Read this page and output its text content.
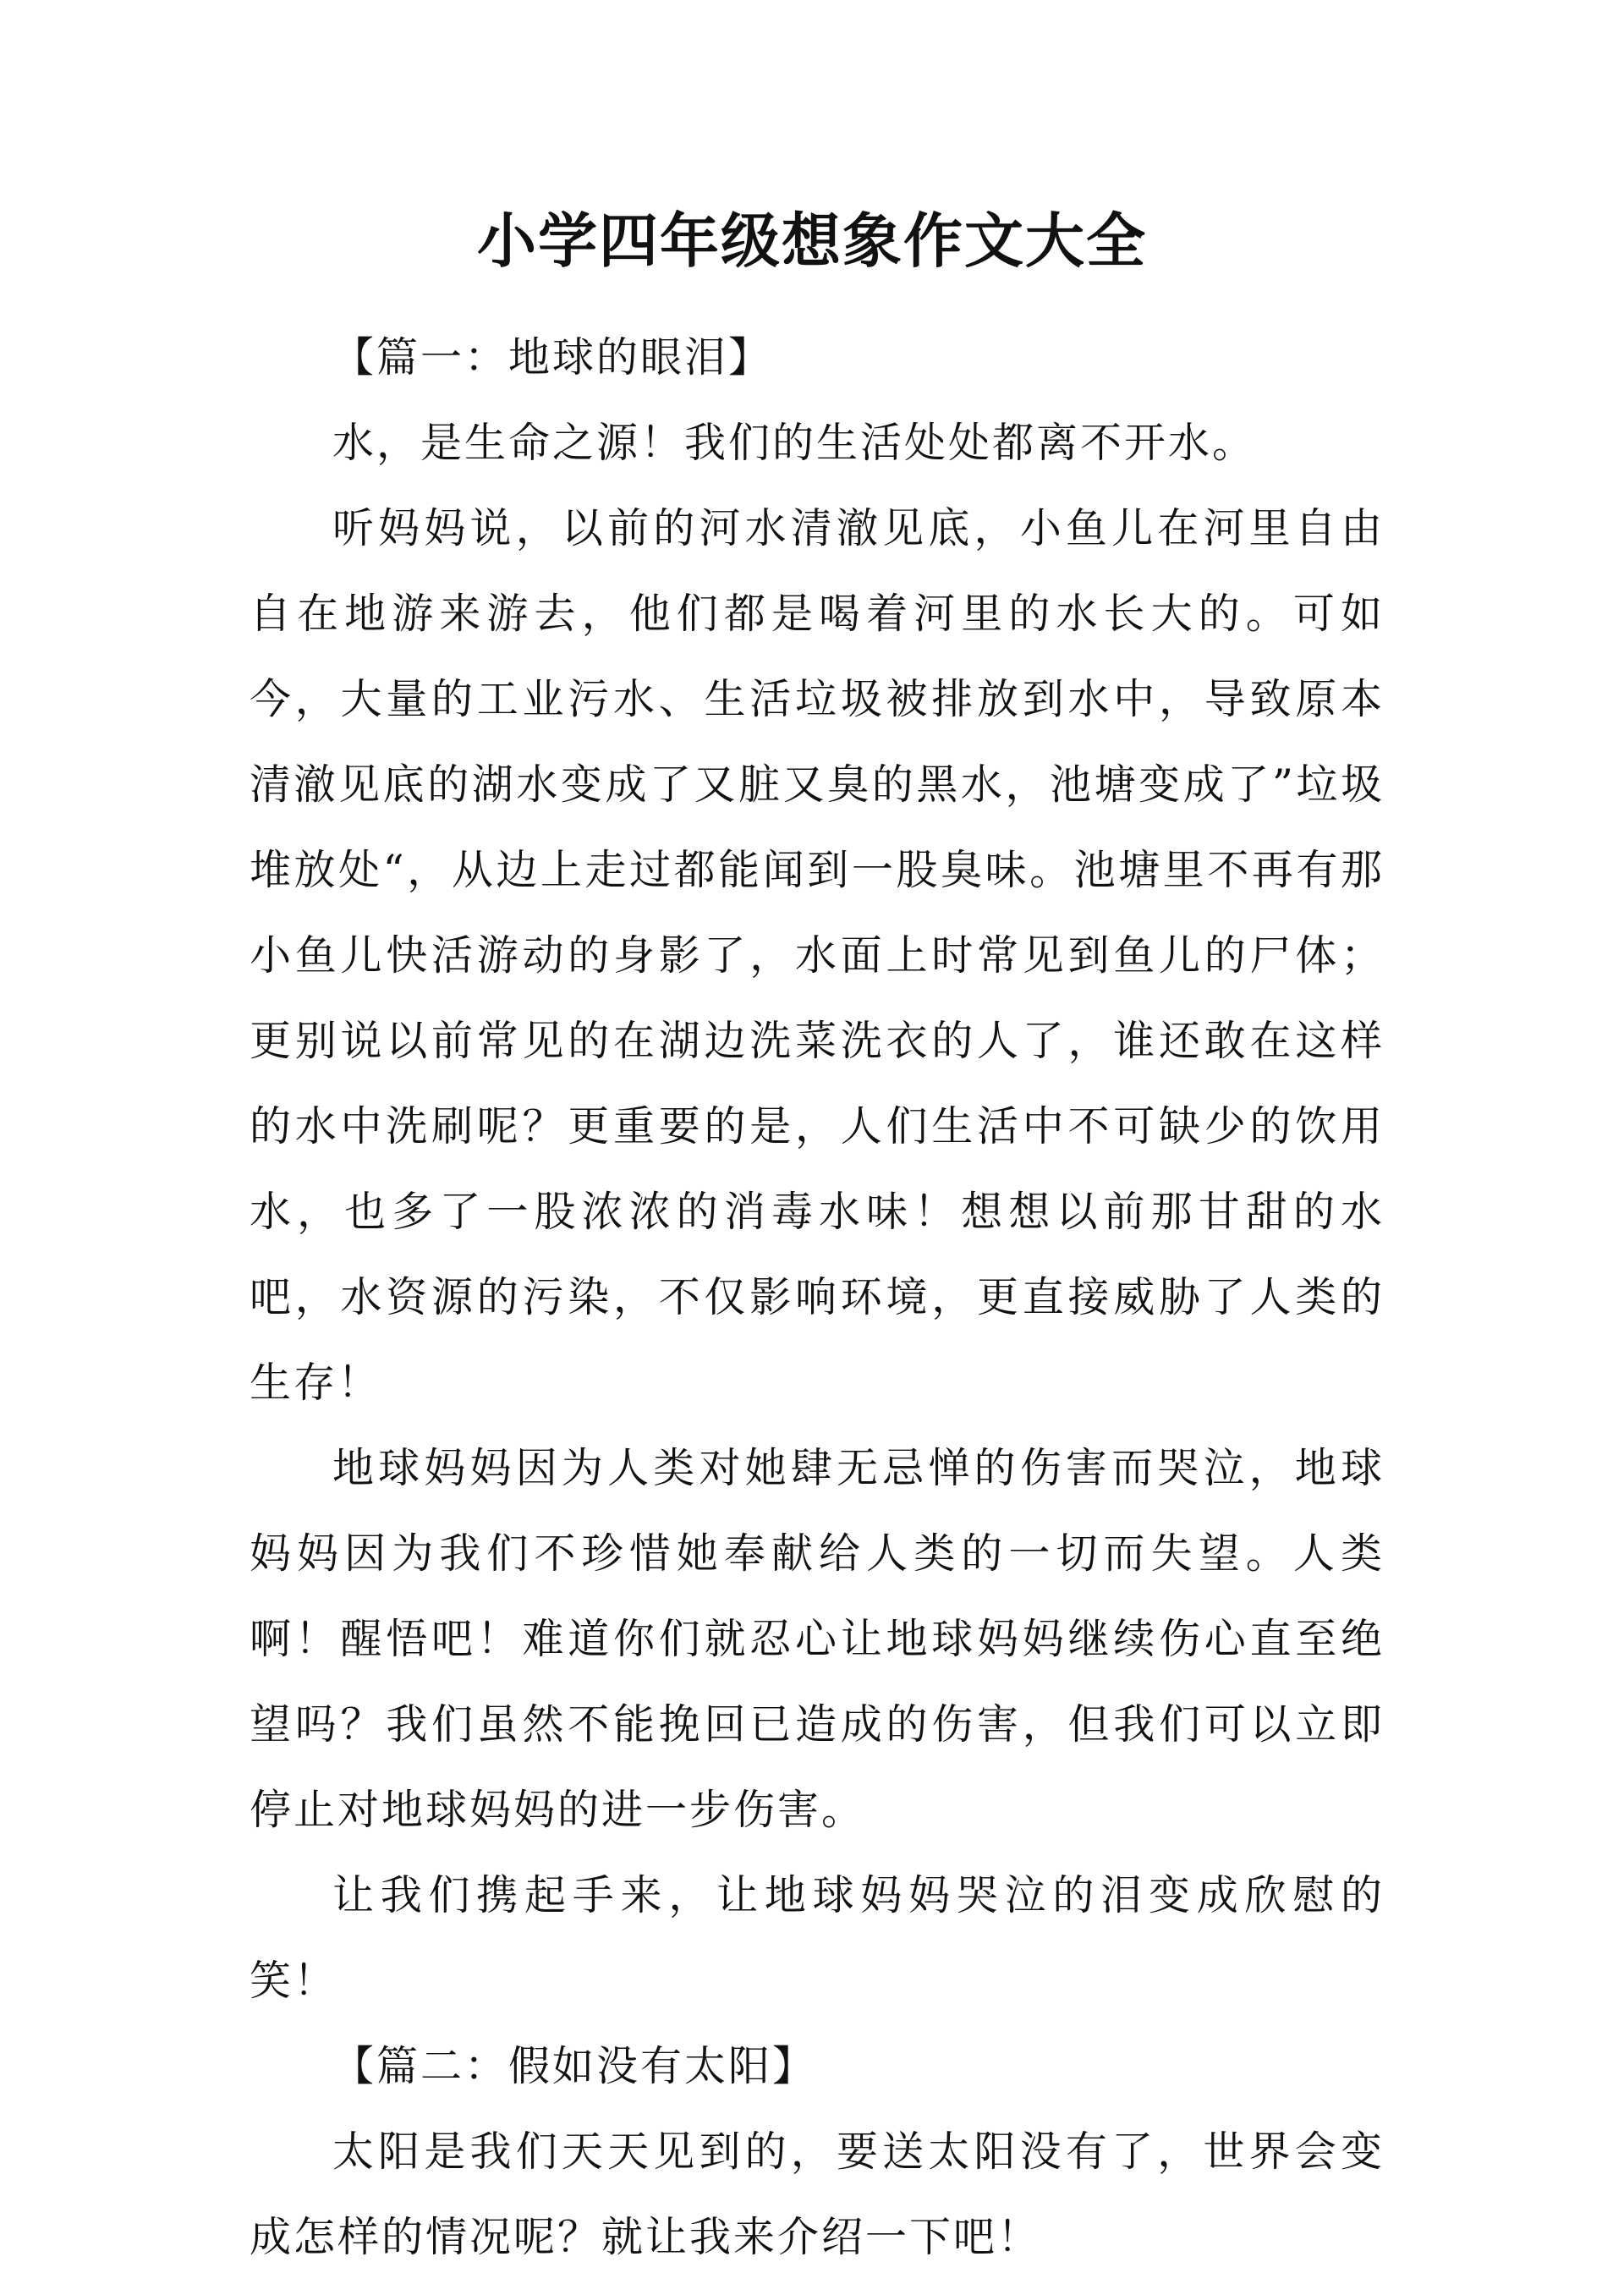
小学四年级想象作文大全

【篇一：地球的眼泪】

水，是生命之源！我们的生活处处都离不开水。

听妈妈说，以前的河水清澈见底，小鱼儿在河里自由自在地游来游去，他们都是喝着河里的水长大的。可如今，大量的工业污水、生活垃圾被排放到水中，导致原本清澈见底的湖水变成了又脏又臭的黑水，池塘变成了”垃圾堆放处“，从边上走过都能闻到一股臭味。池塘里不再有那小鱼儿快活游动的身影了，水面上时常见到鱼儿的尸体；更别说以前常见的在湖边洗菜洗衣的人了，谁还敢在这样的水中洗刷呢？更重要的是，人们生活中不可缺少的饮用水，也多了一股浓浓的消毒水味！想想以前那甘甜的水吧，水资源的污染，不仅影响环境，更直接威胁了人类的生存！

地球妈妈因为人类对她肆无忌惮的伤害而哭泣，地球妈妈因为我们不珍惜她奉献给人类的一切而失望。人类啊！醒悟吧！难道你们就忍心让地球妈妈继续伤心直至绝望吗？我们虽然不能挽回已造成的伤害，但我们可以立即停止对地球妈妈的进一步伤害。

让我们携起手来，让地球妈妈哭泣的泪变成欣慰的笑！

【篇二：假如没有太阳】

太阳是我们天天见到的，要送太阳没有了，世界会变成怎样的情况呢？就让我来介绍一下吧！
